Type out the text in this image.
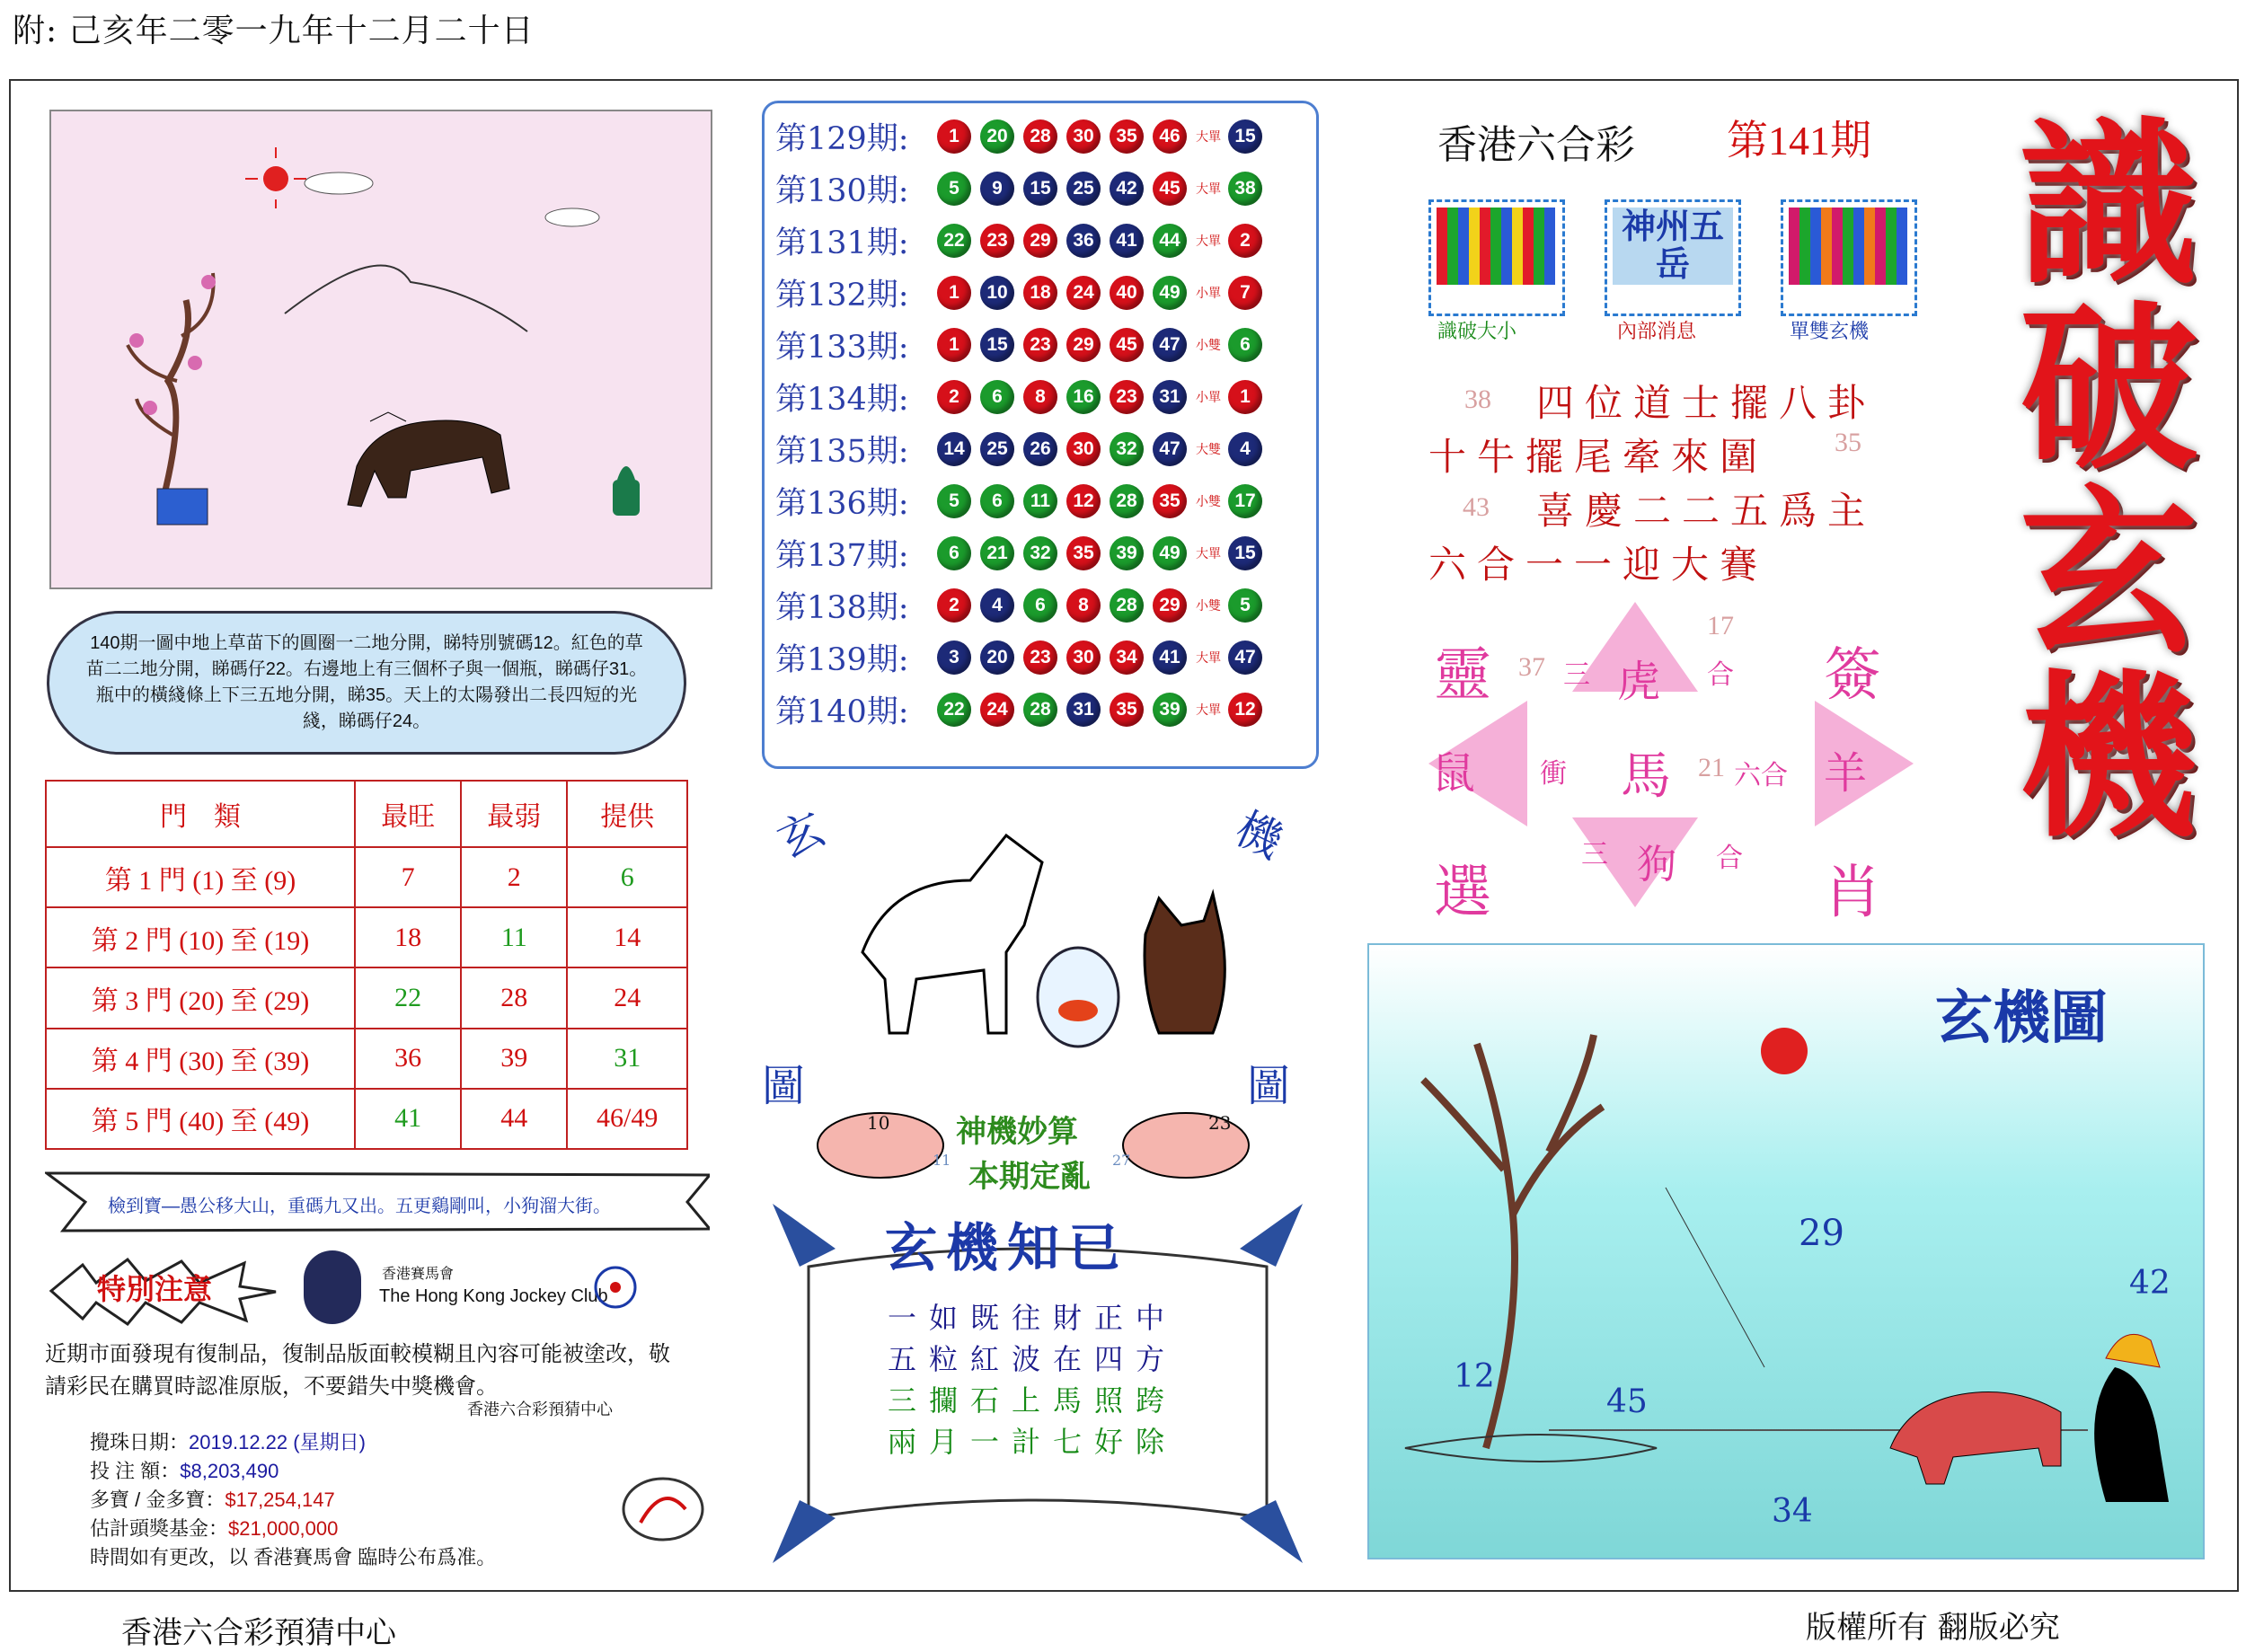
附: 己亥年二零一九年十二月二十日
140期一圖中地上草苗下的圓圈一二地分開，睇特別號碼12。紅色的草苗二二地分開，睇碼仔22。右邊地上有三個杯子與一個瓶，睇碼仔31。瓶中的橫綫條上下三五地分開，睇35。天上的太陽發出二長四短的光綫，睇碼仔24。
門　類	最旺	最弱	提供
第 1 門 (1) 至 (9)	7	2	6
第 2 門 (10) 至 (19)	18	11	14
第 3 門 (20) 至 (29)	22	28	24
第 4 門 (30) 至 (39)	36	39	31
第 5 門 (40) 至 (49)	41	44	46/49
檢到寶—愚公移大山，重碼九又出。五更鷄剛叫，小狗溜大街。
特別注意	香港賽馬會
The Hong Kong Jockey Club
近期市面發現有復制品，復制品版面較模糊且內容可能被塗改，敬請彩民在購買時認准原版，不要錯失中獎機會。
香港六合彩預猜中心
攪珠日期：2019.12.22 (星期日)
投 注 額：$8,203,490
多寶 / 金多寶：$17,254,147
估計頭獎基金：$21,000,000
時間如有更改，以 香港賽馬會 臨時公布爲准。
第129期:	1	20	28	30	35	46	大單 15
第130期:	5	9	15	25	42	45	大單 38
第131期:	22	23	29	36	41	44	大單	2
第132期:	1	10	18	24	40	49	小單	7
第133期:	1	15	23	29	45	47	小雙	6
第134期:	2	6	8	16	23	31	小單	1
第135期:	14	25	26	30	32	47	大雙	4
第136期:	5	6	11	12	28	35	小雙 17
第137期:	6	21	32	35	39	49	大單 15
第138期:	2	4	6	8	28	29	小雙	5
第139期:	3	20	23	30	34	41	大單 47
第140期:	22	24	28	31	35	39	大單 12
玄	機
圖	圖
10	23
11	27
神機妙算
本期定亂
玄機知已
一如既往財正中
五粒紅波在四方
三攔石上馬照跨
兩月一計七好除
香港六合彩 第141期 識破玄機
識破大小
神州五岳
內部消息	單雙玄機
38 四位道士擺八卦
十牛擺尾牽來圍 35
43 喜慶二二五爲主
六合一一迎大賽
虎
鼠	羊
狗
馬
17
37
21
三	合
衝	六合
三	合
靈	簽
選	肖
玄機圖
29
12
45
34
42
香港六合彩預猜中心	版權所有 翻版必究
